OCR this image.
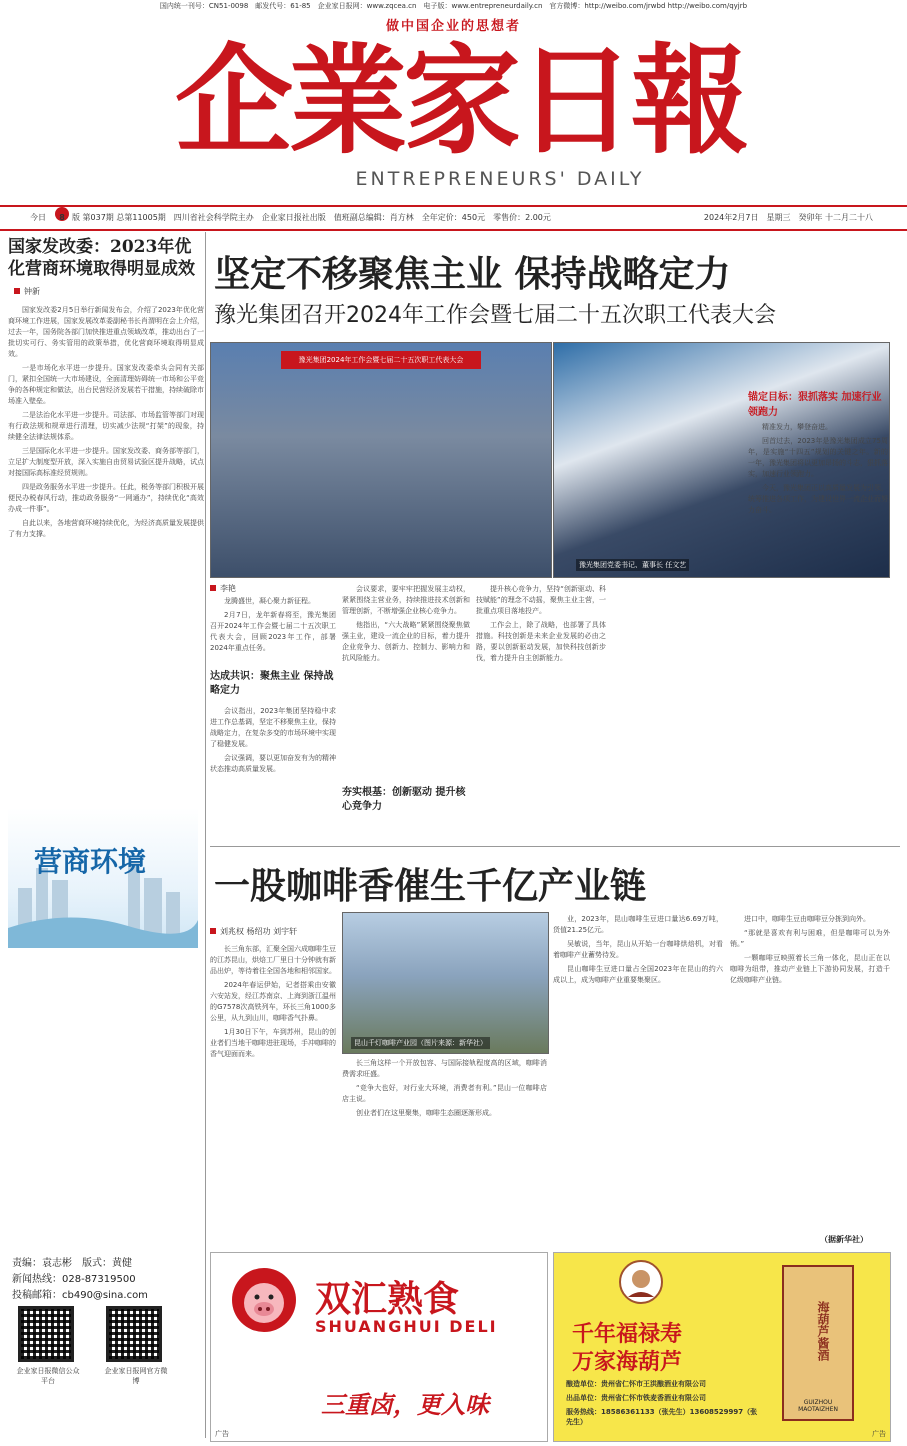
国内统一刊号：CN51-0098　邮发代号：61-85　企业家日报网：www.zqcea.cn　电子版：www.entrepreneurdaily.cn　官方微博：http://weibo.com/jrwbd http://weibo.com/qyjrb
做中国企业的思想者
企業家日報
ENTREPRENEURS' DAILY
今日	8 版 第037期 总第11005期　四川省社会科学院主办　企业家日报社出版　值班副总编辑：肖方林　全年定价：450元　零售价：2.00元	2024年2月7日　星期三　癸卯年 十二月二十八
国家发改委：2023年优化营商环境取得明显成效
钟新

国家发改委2月5日举行新闻发布会，介绍了2023年优化营商环境工作进展，国家发展改革委副秘书长肖渭明在会上介绍，过去一年，国务院各部门加快推进重点领域改革，推动出台了一批切实可行、务实管用的政策举措，优化营商环境取得明显成效。

一是市场化水平进一步提升。国家发改委牵头会同有关部门，紧扣全国统一大市场建设，全面清理妨碍统一市场和公平竞争的各种规定和做法，出台民营经济发展若干措施，持续破除市场准入壁垒。

二是法治化水平进一步提升。司法部、市场监管等部门对现有行政法规和规章进行清理，切实减少法规“打架”的现象，持续健全法律法规体系。

三是国际化水平进一步提升。国家发改委、商务部等部门，立足扩大制度型开放，深入实施自由贸易试验区提升战略，试点对接国际高标准经贸规则。

四是政务服务水平进一步提升。任此，税务等部门积极开展便民办税春风行动，推动政务服务“一网通办”，持续优化“高效办成一件事”。

自此以来，各地营商环境持续优化，为经济高质量发展提供了有力支撑。

营商环境
责编：袁志彬　版式：黄健
新闻热线：028-87319500
投稿邮箱：cb490@sina.com
企业家日报微信公众平台
企业家日报网官方微博
坚定不移聚焦主业 保持战略定力
豫光集团召开2024年工作会暨七届二十五次职工代表大会
豫光集团2024年工作会暨七届二十五次职工代表大会
豫光集团党委书记、董事长 任文艺
李艳

龙腾盛世，凝心聚力新征程。

2月7日，龙年新春将至，豫光集团召开2024年工作会暨七届二十五次职工代表大会，回顾2023年工作，部署2024年重点任务。

达成共识：聚焦主业 保持战略定力

会议指出，2023年集团坚持稳中求进工作总基调，坚定不移聚焦主业，保持战略定力，在复杂多变的市场环境中实现了稳健发展。

会议强调，要以更加奋发有为的精神状态推动高质量发展。

会议要求，要牢牢把握发展主动权，紧紧围绕主营业务，持续推进技术创新和管理创新，不断增强企业核心竞争力。

他指出，“六大战略”紧紧围绕聚焦做强主业，建设一流企业的目标，着力提升企业竞争力、创新力、控制力、影响力和抗风险能力。

夯实根基：创新驱动 提升核心竞争力

提升核心竞争力，坚持“创新驱动、科技赋能”的理念不动摇，聚焦主业主营，一批重点项目落地投产。

工作会上，除了战略，也部署了具体措施。科技创新是未来企业发展的必由之路，要以创新驱动发展，加快科技创新步伐，着力提升自主创新能力。

锚定目标：狠抓落实 加速行业领跑力

精准发力，攀登奋进。

回首过去，2023年是豫光集团成立75周年，是实施“十四五”规划的关键之年。新的一年，豫光集团将以更加昂扬的斗志，狠抓落实，加速行业领跑力。

今天，豫光集团正以高质量发展为引领，统筹推进各项工作，为建设世界一流企业而努力奋斗。

一股咖啡香催生千亿产业链
刘兆权 杨绍功 刘宇轩
昆山千灯咖啡产业园（图片来源：新华社）

长三角东部，汇聚全国六成咖啡生豆的江苏昆山，烘焙工厂里日十分钟就有新品出炉，等待着往全国各地和相邻国家。

2024年春运伊始，记者搭乘由安徽六安站发，经江苏南京、上海到浙江温州的G7578次高铁列车，环长三角1000多公里，从九到山川，咖啡香气扑鼻。

1月30日下午，车到苏州，昆山的创业者们当地干咖啡进驻现场，手冲咖啡的香气迎面而来。

长三角这样一个开放包容、与国际接轨程度高的区域，咖啡消费需求旺盛。

“竞争大也好，对行业大环境，消费者有利。”昆山一位咖啡店店主说。

创业者们在这里聚集，咖啡生态圈逐渐形成。

业，2023年，昆山咖啡生豆进口量达6.69万吨，货值21.25亿元。

吴敏说，当年，昆山从开始一台咖啡烘焙机，对看着咖啡产业蓄势待发。

昆山咖啡生豆进口量占全国2023年在昆山的约六成以上，成为咖啡产业重要集聚区。

进口中，咖啡生豆由咖啡豆分拣到向外。

“那就是喜欢有利与困难，但是咖啡可以为外销。”

一颗咖啡豆映照着长三角一体化，昆山正在以咖啡为纽带，推动产业链上下游协同发展，打造千亿级咖啡产业链。

（据新华社）
双汇熟食
SHUANGHUI DELI
三重卤，更入味
广告
千年福禄寿
万家海葫芦
酿造单位：贵州省仁怀市王洪酿酒业有限公司
出品单位：贵州省仁怀市铁麦香酒业有限公司
服务热线：18586361133（张先生）13608529997（张先生）
海葫芦酱酒
GUIZHOU MAOTAIZHEN
广告
